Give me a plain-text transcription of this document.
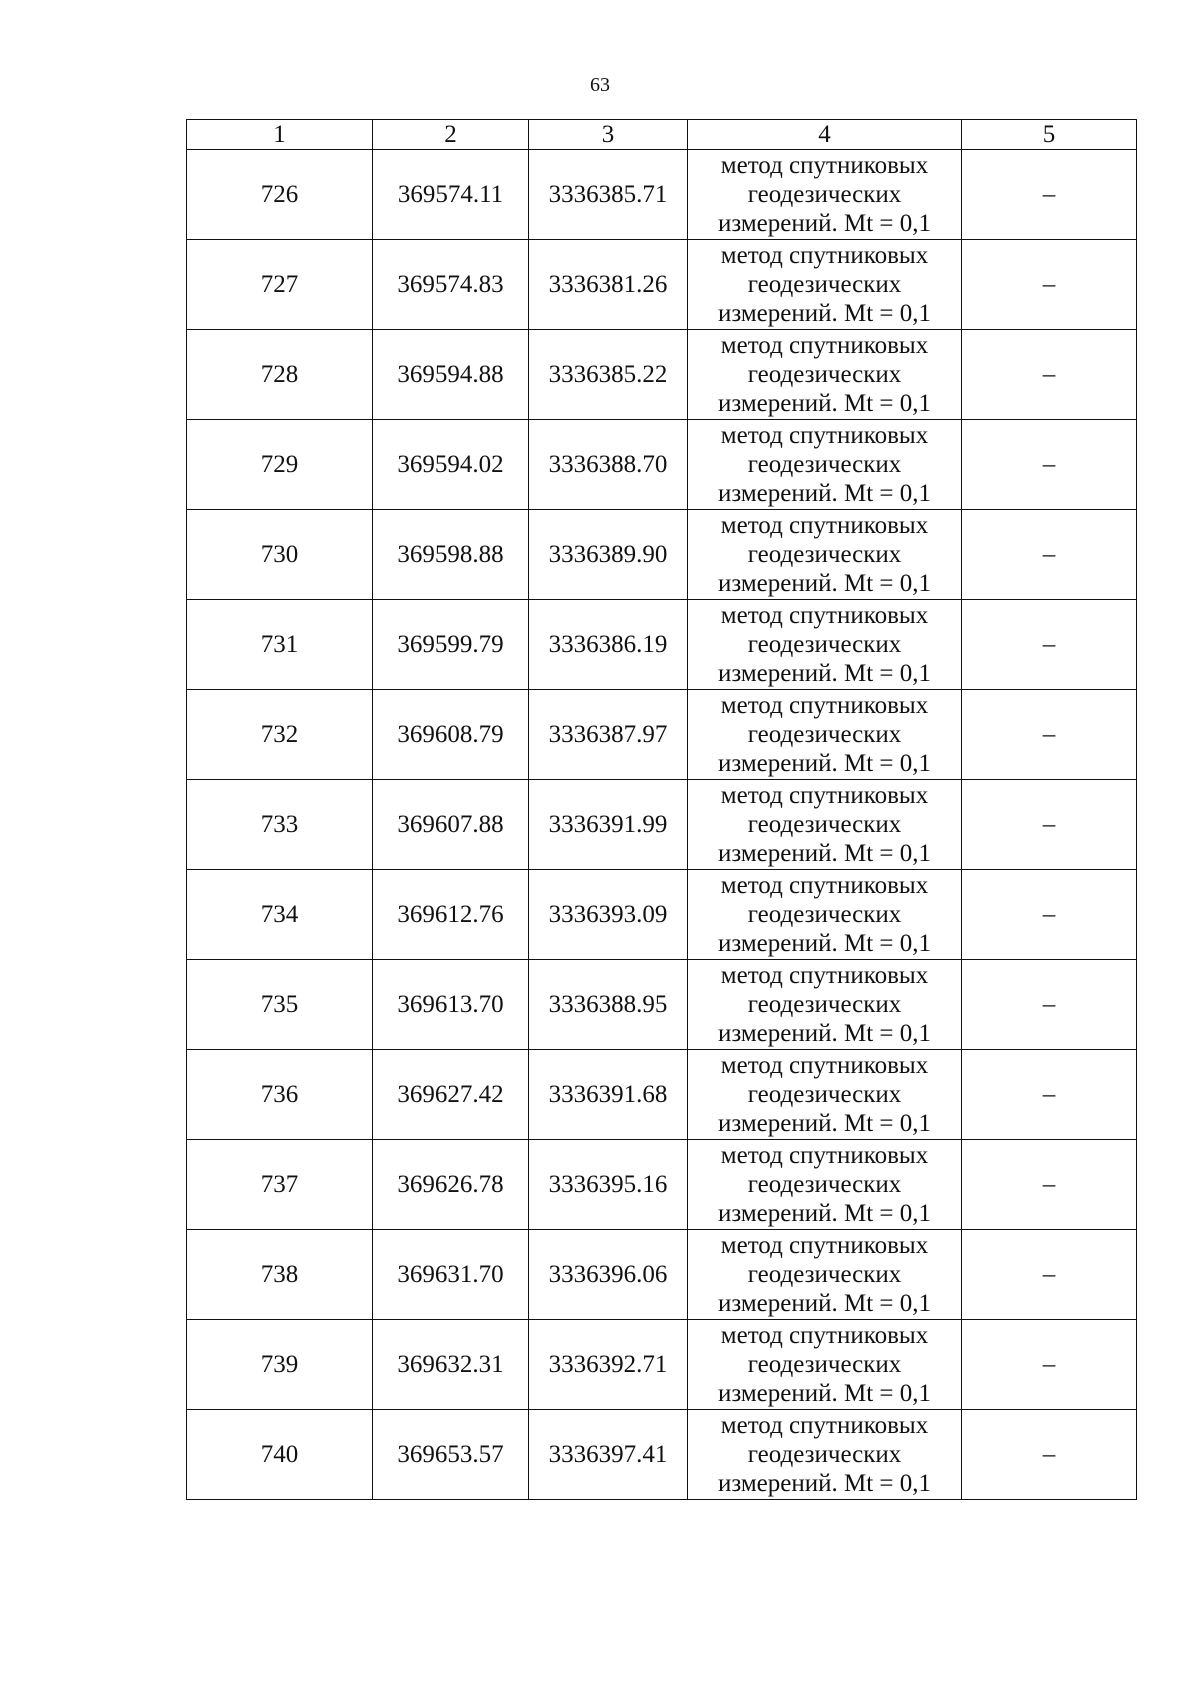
63
1	2	3	4	5
726	369574.11	3336385.71	метод спутниковых
геодезических
измерений. Mt = 0,1	–
727	369574.83	3336381.26	метод спутниковых
геодезических
измерений. Mt = 0,1	–
728	369594.88	3336385.22	метод спутниковых
геодезических
измерений. Mt = 0,1	–
729	369594.02	3336388.70	метод спутниковых
геодезических
измерений. Mt = 0,1	–
730	369598.88	3336389.90	метод спутниковых
геодезических
измерений. Mt = 0,1	–
731	369599.79	3336386.19	метод спутниковых
геодезических
измерений. Mt = 0,1	–
732	369608.79	3336387.97	метод спутниковых
геодезических
измерений. Mt = 0,1	–
733	369607.88	3336391.99	метод спутниковых
геодезических
измерений. Mt = 0,1	–
734	369612.76	3336393.09	метод спутниковых
геодезических
измерений. Mt = 0,1	–
735	369613.70	3336388.95	метод спутниковых
геодезических
измерений. Mt = 0,1	–
736	369627.42	3336391.68	метод спутниковых
геодезических
измерений. Mt = 0,1	–
737	369626.78	3336395.16	метод спутниковых
геодезических
измерений. Mt = 0,1	–
738	369631.70	3336396.06	метод спутниковых
геодезических
измерений. Mt = 0,1	–
739	369632.31	3336392.71	метод спутниковых
геодезических
измерений. Mt = 0,1	–
740	369653.57	3336397.41	метод спутниковых
геодезических
измерений. Mt = 0,1	–
